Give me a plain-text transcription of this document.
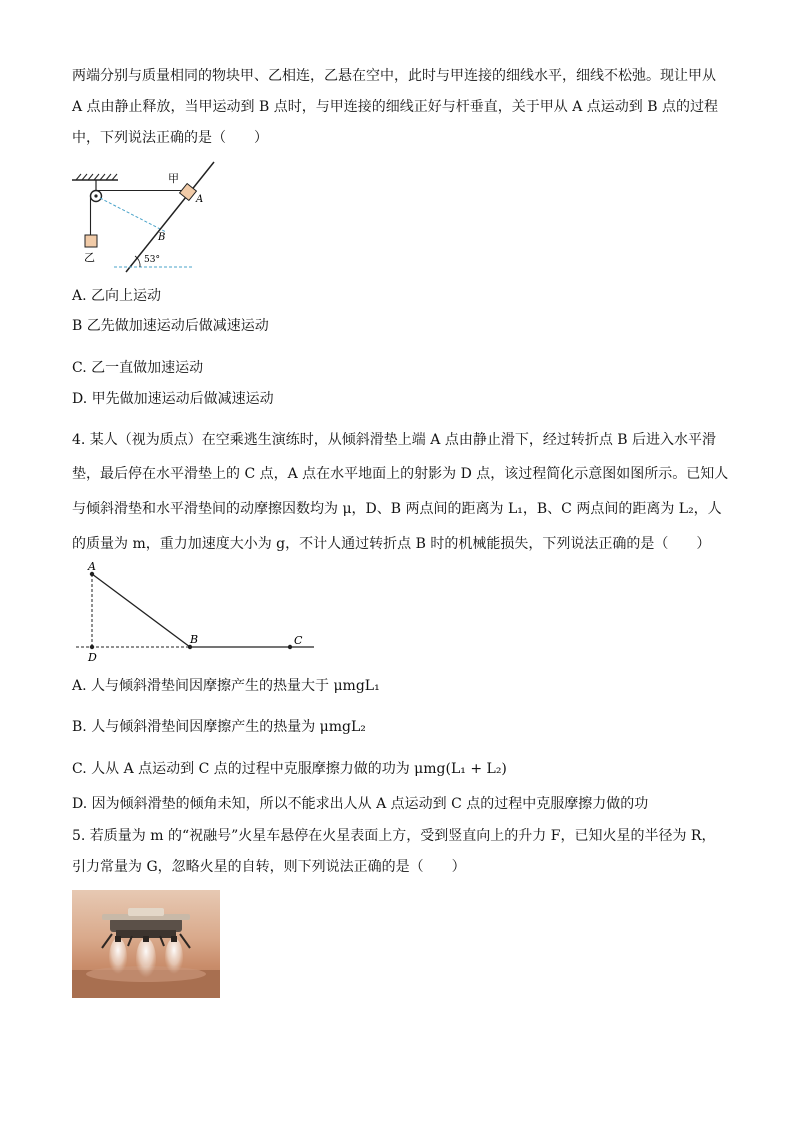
两端分别与质量相同的物块甲、乙相连，乙悬在空中，此时与甲连接的细线水平，细线不松弛。现让甲从
A 点由静止释放，当甲运动到 B 点时，与甲连接的细线正好与杆垂直，关于甲从 A 点运动到 B 点的过程
中，下列说法正确的是（　　）
甲
乙
A
B
53°
A. 乙向上运动
B 乙先做加速运动后做减速运动
C. 乙一直做加速运动
D. 甲先做加速运动后做减速运动
4. 某人（视为质点）在空乘逃生演练时，从倾斜滑垫上端 A 点由静止滑下，经过转折点 B 后进入水平滑
垫，最后停在水平滑垫上的 C 点，A 点在水平地面上的射影为 D 点，该过程简化示意图如图所示。已知人
与倾斜滑垫和水平滑垫间的动摩擦因数均为 μ，D、B 两点间的距离为 L₁，B、C 两点间的距离为 L₂，人
的质量为 m，重力加速度大小为 g，不计人通过转折点 B 时的机械能损失，下列说法正确的是（　　）
A
D
B	C
A. 人与倾斜滑垫间因摩擦产生的热量大于 μmgL₁
B. 人与倾斜滑垫间因摩擦产生的热量为 μmgL₂
C. 人从 A 点运动到 C 点的过程中克服摩擦力做的功为 μmg(L₁ + L₂)
D. 因为倾斜滑垫的倾角未知，所以不能求出人从 A 点运动到 C 点的过程中克服摩擦力做的功
5. 若质量为 m 的“祝融号”火星车悬停在火星表面上方，受到竖直向上的升力 F，已知火星的半径为 R，
引力常量为 G，忽略火星的自转，则下列说法正确的是（　　）
